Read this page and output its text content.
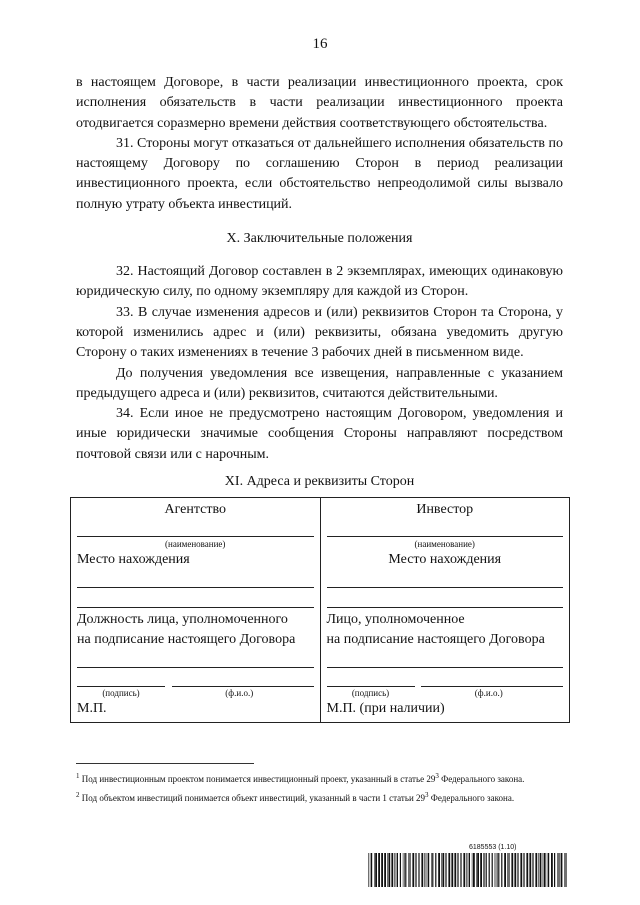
16

в настоящем Договоре, в части реализации инвестиционного проекта, срок исполнения обязательств в части реализации инвестиционного проекта отодвигается соразмерно времени действия соответствующего обстоятельства.

31. Стороны могут отказаться от дальнейшего исполнения обязательств по настоящему Договору по соглашению Сторон в период реализации инвестиционного проекта, если обстоятельство непреодолимой силы вызвало полную утрату объекта инвестиций.

X. Заключительные положения

32. Настоящий Договор составлен в 2 экземплярах, имеющих одинаковую юридическую силу, по одному экземпляру для каждой из Сторон.

33. В случае изменения адресов и (или) реквизитов Сторон та Сторона, у которой изменились адрес и (или) реквизиты, обязана уведомить другую Сторону о таких изменениях в течение 3 рабочих дней в письменном виде.

До получения уведомления все извещения, направленные с указанием предыдущего адреса и (или) реквизитов, считаются действительными.

34. Если иное не предусмотрено настоящим Договором, уведомления и иные юридически значимые сообщения Стороны направляют посредством почтовой связи или с нарочным.

XI. Адреса и реквизиты Сторон
Агентство
(наименование)
Место нахождения
Должность лица, уполномоченного
на подписание настоящего Договора
(подпись)	(ф.и.о.)
М.П.

Инвестор
(наименование)
Место нахождения
Лицо, уполномоченное
на подписание настоящего Договора
(подпись)	(ф.и.о.)
М.П. (при наличии)

$^1$ Под инвестиционным проектом понимается инвестиционный проект, указанный в статье $29^3$ Федерального закона.

$^2$ Под объектом инвестиций понимается объект инвестиций, указанный в части 1 статьи $29^3$ Федерального закона.

6185553 (1.10)
